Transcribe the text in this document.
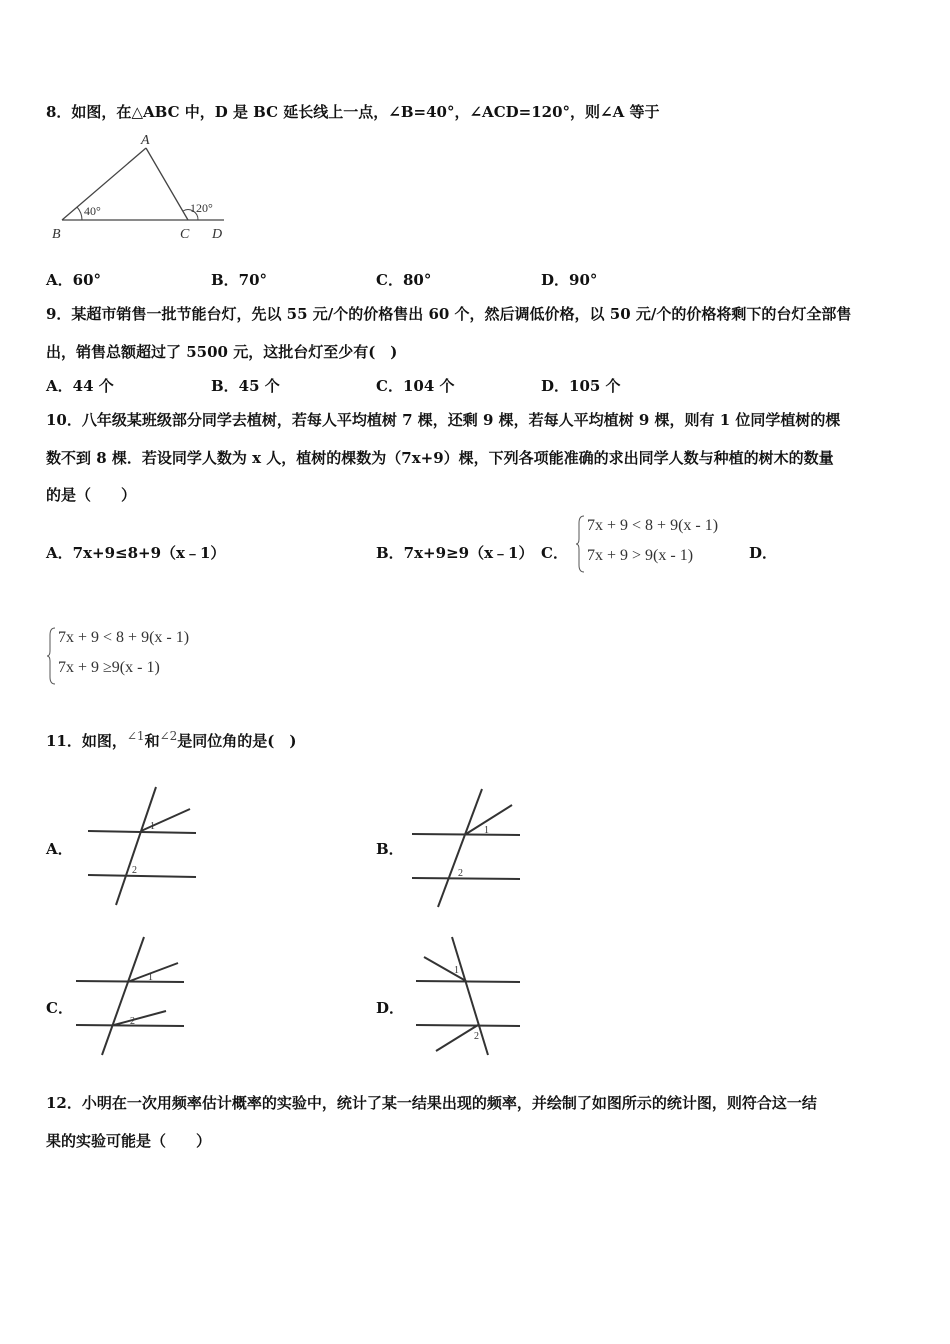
8．如图，在△ABC 中，D 是 BC 延长线上一点，∠B=40°，∠ACD=120°，则∠A 等于
A
B	C D
40°	120°
A．60°	B．70°	C．80°	D．90°
9．某超市销售一批节能台灯，先以 55 元/个的价格售出 60 个，然后调低价格，以 50 元/个的价格将剩下的台灯全部售
出，销售总额超过了 5500 元，这批台灯至少有(　)
A．44 个	B．45 个	C．104 个	D．105 个
10．八年级某班级部分同学去植树，若每人平均植树 7 棵，还剩 9 棵，若每人平均植树 9 棵，则有 1 位同学植树的棵
数不到 8 棵．若设同学人数为 x 人，植树的棵数为（7x+9）棵，下列各项能准确的求出同学人数与种植的树木的数量
的是（　　）
A．7x+9≤8+9（x﹣1）	B．7x+9≥9（x﹣1） C．
7x + 9 < 8 + 9(x - 1)
7x + 9 > 9(x - 1)	D．
7x + 9 < 8 + 9(x - 1)
7x + 9 ≥9(x - 1)
11．如图，$^{\angle 1}$和$^{\angle 2}$是同位角的是(　)
A．
1
2
B．
1
2
C．
1
2
D．
1
2
12．小明在一次用频率估计概率的实验中，统计了某一结果出现的频率，并绘制了如图所示的统计图，则符合这一结
果的实验可能是（　　）
